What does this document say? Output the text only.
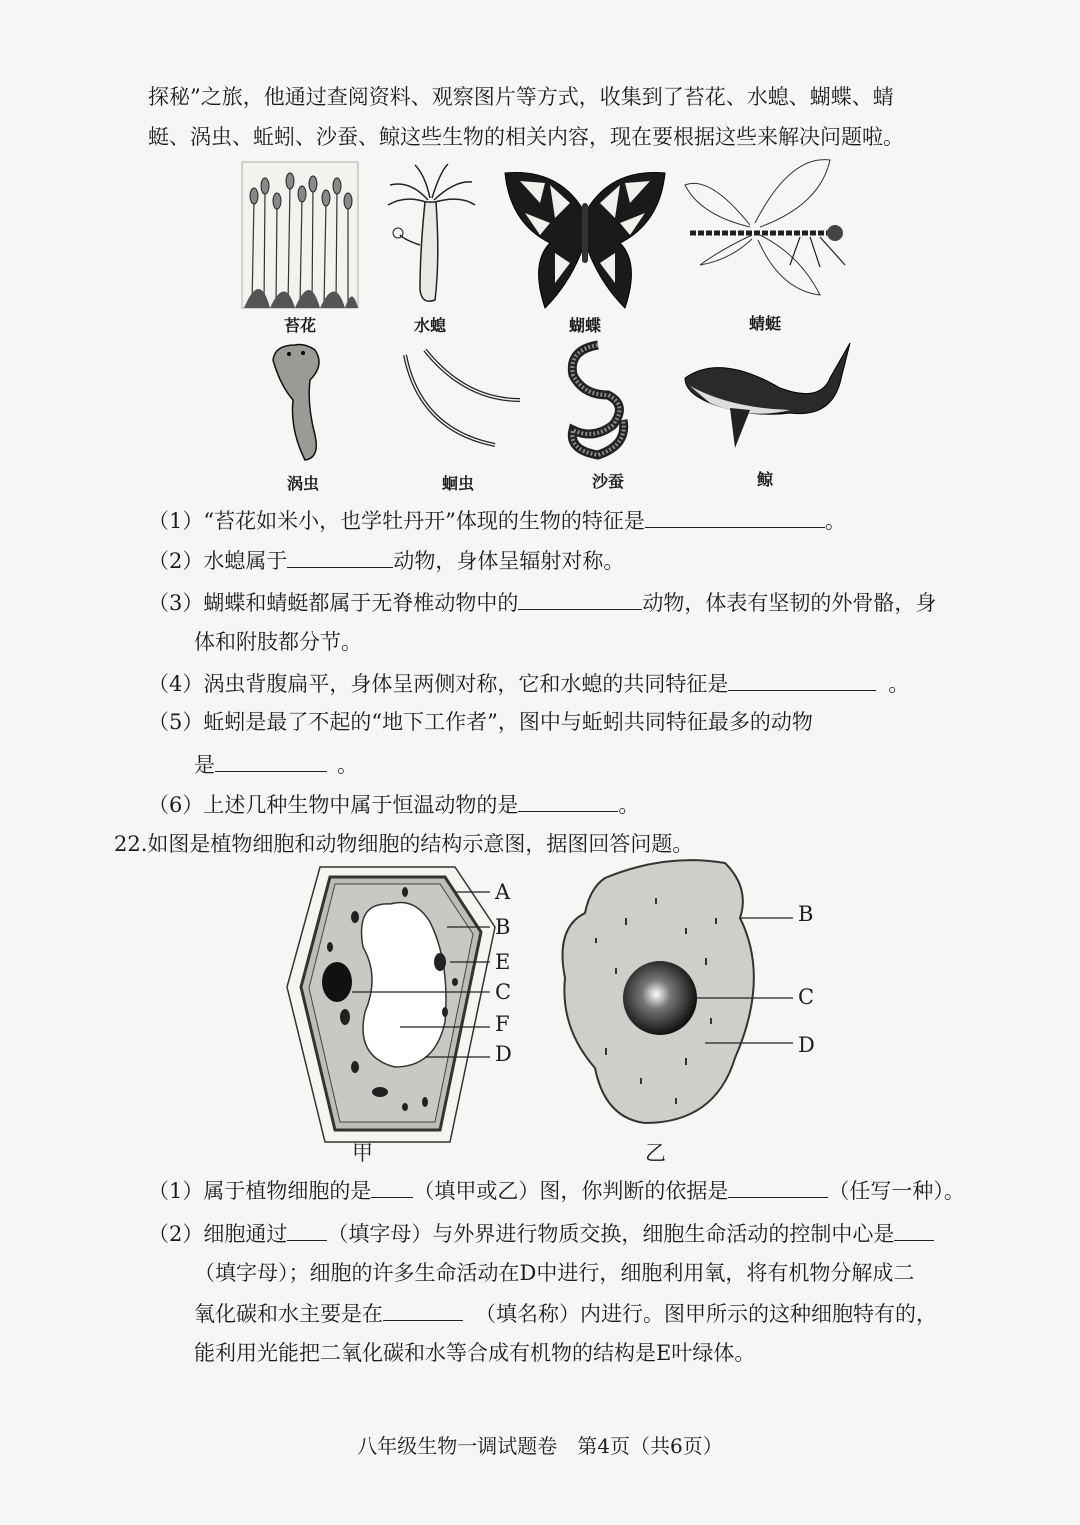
探秘”之旅，他通过查阅资料、观察图片等方式，收集到了苔花、水螅、蝴蝶、蜻
蜓、涡虫、蚯蚓、沙蚕、鲸这些生物的相关内容，现在要根据这些来解决问题啦。
苔花	水螅	蝴蝶	蜻蜓
涡虫	蛔虫	沙蚕	鲸
（1）“苔花如米小，也学牡丹开”体现的生物的特征是	。
（2）水螅属于	动物，身体呈辐射对称。
（3）蝴蝶和蜻蜓都属于无脊椎动物中的	动物，体表有坚韧的外骨骼，身
体和附肢都分节。
（4）涡虫背腹扁平，身体呈两侧对称，它和水螅的共同特征是	。
（5）蚯蚓是最了不起的“地下工作者”，图中与蚯蚓共同特征最多的动物
是	。
（6）上述几种生物中属于恒温动物的是	。
22.如图是植物细胞和动物细胞的结构示意图，据图回答问题。
A
B
E
C
F
D
甲
B
C
D
乙
（1）属于植物细胞的是 （填甲或乙）图，你判断的依据是	（任写一种）。
（2）细胞通过 （填字母）与外界进行物质交换，细胞生命活动的控制中心是
（填字母）；细胞的许多生命活动在D中进行，细胞利用氧，将有机物分解成二
氧化碳和水主要是在	（填名称）内进行。图甲所示的这种细胞特有的，
能利用光能把二氧化碳和水等合成有机物的结构是E叶绿体。
八年级生物一调试题卷　第4页（共6页）
